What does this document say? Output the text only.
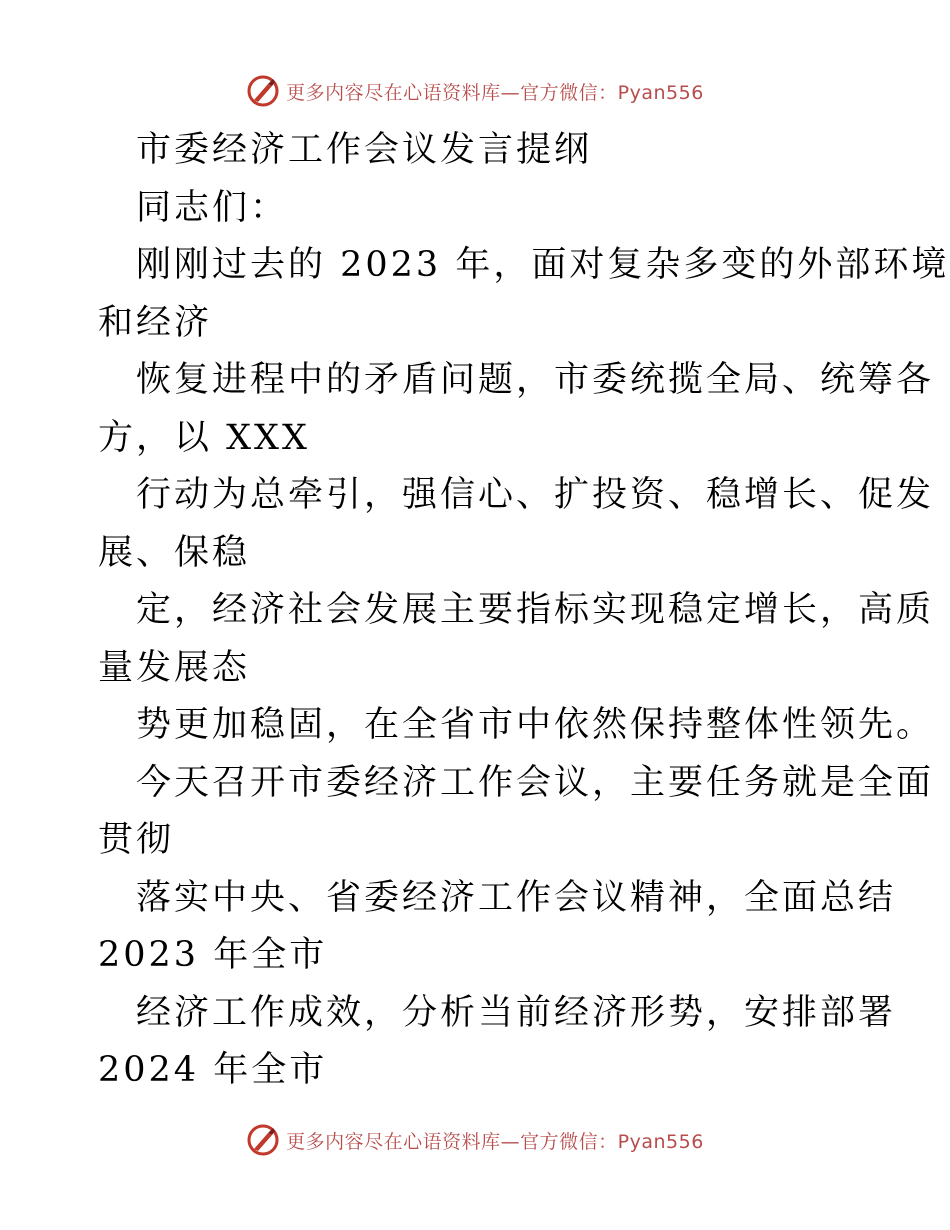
更多内容尽在心语资料库—官方微信：Pyan556

市委经济工作会议发言提纲

同志们：

刚刚过去的 2023 年，面对复杂多变的外部环境

和经济

恢复进程中的矛盾问题，市委统揽全局、统筹各

方，以 XXX

行动为总牵引，强信心、扩投资、稳增长、促发

展、保稳

定，经济社会发展主要指标实现稳定增长，高质

量发展态

势更加稳固，在全省市中依然保持整体性领先。

今天召开市委经济工作会议，主要任务就是全面

贯彻

落实中央、省委经济工作会议精神，全面总结

2023 年全市

经济工作成效，分析当前经济形势，安排部署

2024 年全市

更多内容尽在心语资料库—官方微信：Pyan556
